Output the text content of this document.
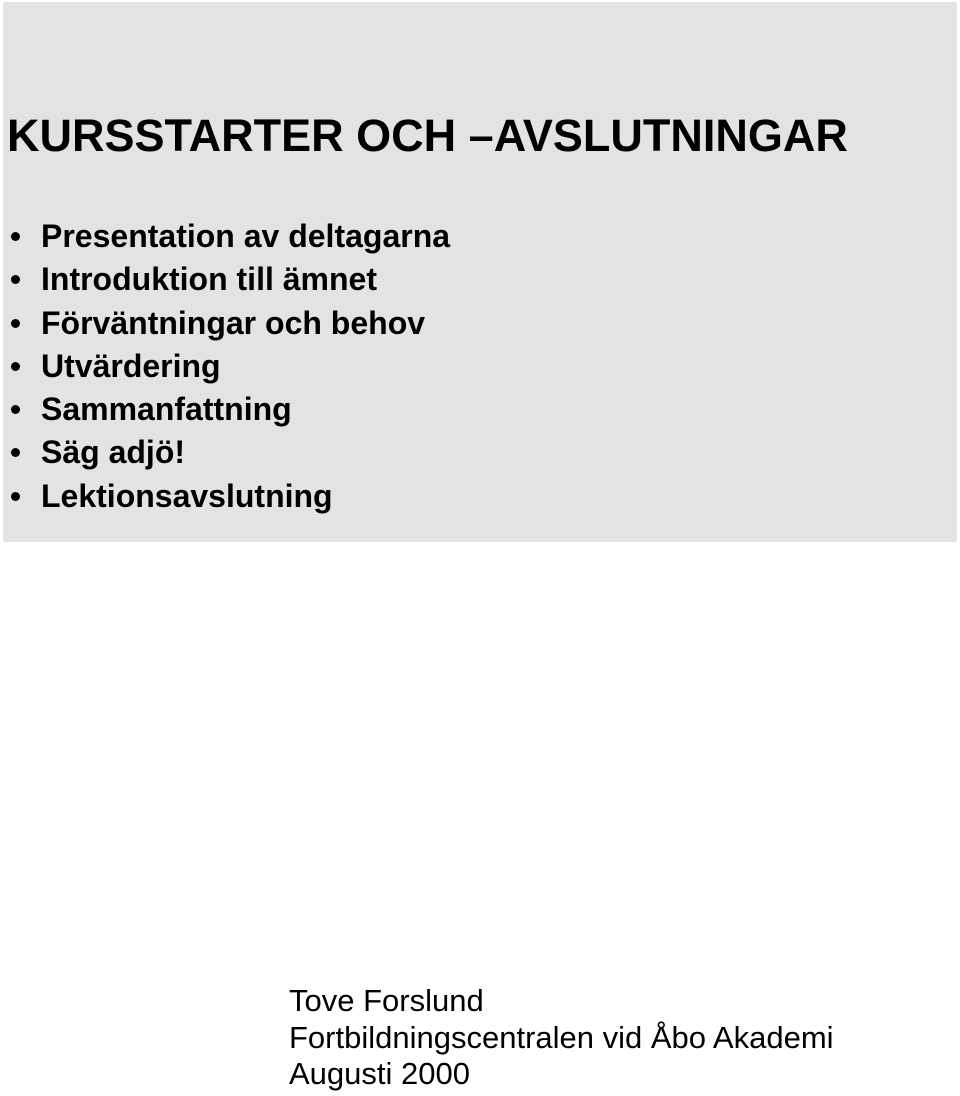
KURSSTARTER OCH –AVSLUTNINGAR
Presentation av deltagarna
Introduktion till ämnet
Förväntningar och behov
Utvärdering
Sammanfattning
Säg adjö!
Lektionsavslutning
Tove Forslund
Fortbildningscentralen vid Åbo Akademi
Augusti 2000
